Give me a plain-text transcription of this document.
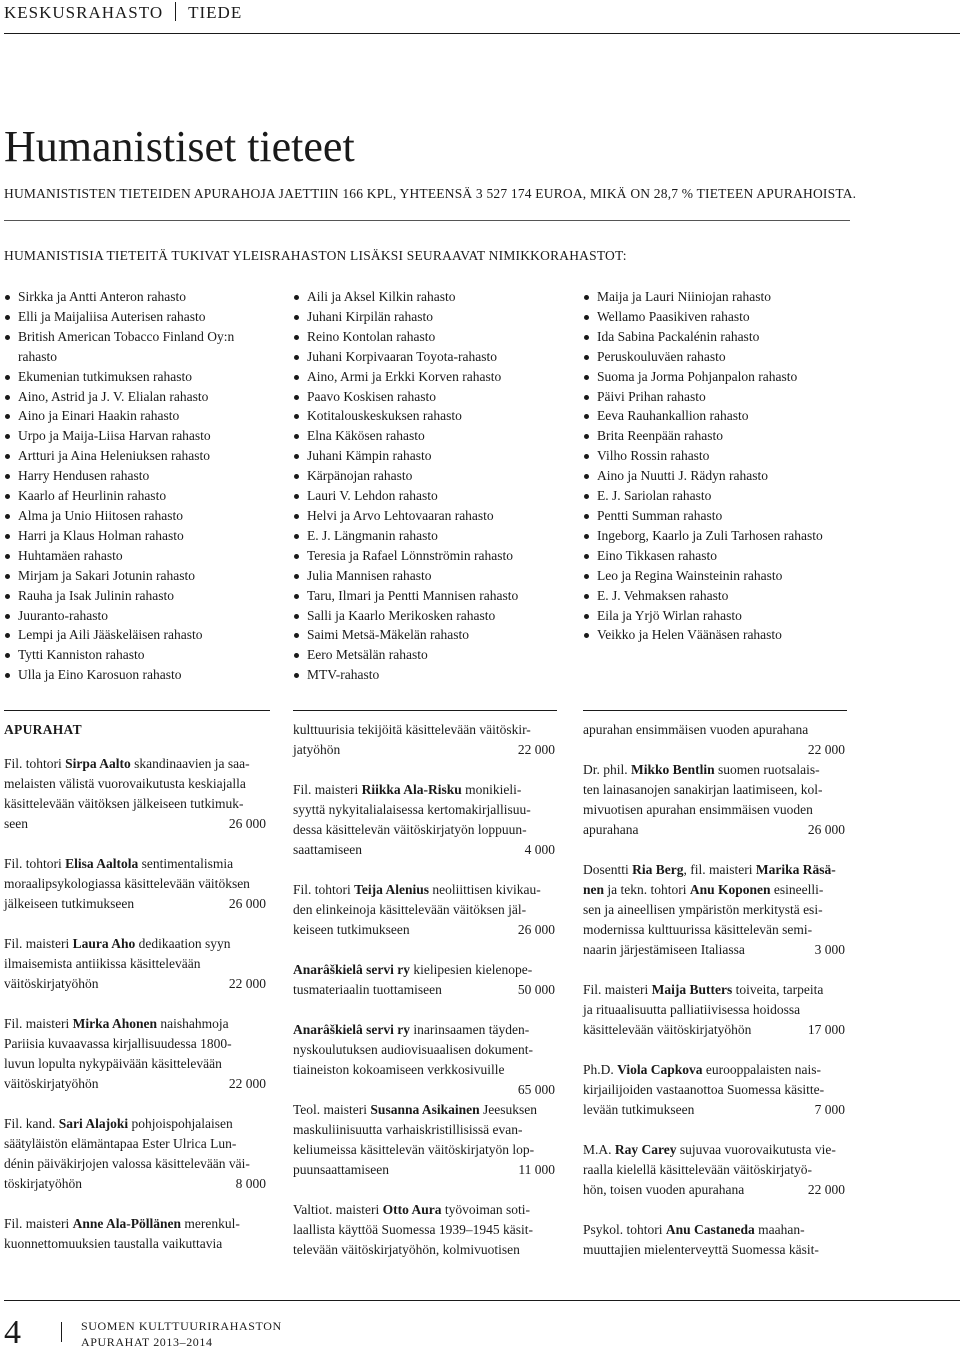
KESKUSRAHASTO TIEDE
Humanistiset tieteet
HUMANISTISTEN TIETEIDEN APURAHOJA JAETTIIN 166 KPL, YHTEENSÄ 3 527 174 EUROA, MIKÄ ON 28,7 % TIETEEN APURAHOISTA.
HUMANISTISIA TIETEITÄ TUKIVAT YLEISRAHASTON LISÄKSI SEURAAVAT NIMIKKORAHASTOT:
Sirkka ja Antti Anteron rahasto
Elli ja Maijaliisa Auterisen rahasto
British American Tobacco Finland Oy:n
rahasto
Ekumenian tutkimuksen rahasto
Aino, Astrid ja J. V. Elialan rahasto
Aino ja Einari Haakin rahasto
Urpo ja Maija-Liisa Harvan rahasto
Artturi ja Aina Heleniuksen rahasto
Harry Hendusen rahasto
Kaarlo af Heurlinin rahasto
Alma ja Unio Hiitosen rahasto
Harri ja Klaus Holman rahasto
Huhtamäen rahasto
Mirjam ja Sakari Jotunin rahasto
Rauha ja Isak Julinin rahasto
Juuranto-rahasto
Lempi ja Aili Jääskeläisen rahasto
Tytti Kanniston rahasto
Ulla ja Eino Karosuon rahasto
Aili ja Aksel Kilkin rahasto
Juhani Kirpilän rahasto
Reino Kontolan rahasto
Juhani Korpivaaran Toyota-rahasto
Aino, Armi ja Erkki Korven rahasto
Paavo Koskisen rahasto
Kotitalouskeskuksen rahasto
Elna Käkösen rahasto
Juhani Kämpin rahasto
Kärpänojan rahasto
Lauri V. Lehdon rahasto
Helvi ja Arvo Lehtovaaran rahasto
E. J. Längmanin rahasto
Teresia ja Rafael Lönnströmin rahasto
Julia Mannisen rahasto
Taru, Ilmari ja Pentti Mannisen rahasto
Salli ja Kaarlo Merikosken rahasto
Saimi Metsä-Mäkelän rahasto
Eero Metsälän rahasto
MTV-rahasto
Maija ja Lauri Niiniojan rahasto
Wellamo Paasikiven rahasto
Ida Sabina Packalénin rahasto
Peruskouluväen rahasto
Suoma ja Jorma Pohjanpalon rahasto
Päivi Prihan rahasto
Eeva Rauhankallion rahasto
Brita Reenpään rahasto
Vilho Rossin rahasto
Aino ja Nuutti J. Rädyn rahasto
E. J. Sariolan rahasto
Pentti Summan rahasto
Ingeborg, Kaarlo ja Zuli Tarhosen rahasto
Eino Tikkasen rahasto
Leo ja Regina Wainsteinin rahasto
E. J. Vehmaksen rahasto
Eila ja Yrjö Wirlan rahasto
Veikko ja Helen Väänäsen rahasto
APURAHAT
Fil. tohtori Sirpa Aalto skandinaavien ja saa-
melaisten välistä vuorovaikutusta keskiajalla
käsittelevään väitöksen jälkeiseen tutkimuk-
seen	26 000
Fil. tohtori Elisa Aaltola sentimentalismia
moraalipsykologiassa käsittelevään väitöksen
jälkeiseen tutkimukseen	26 000
Fil. maisteri Laura Aho dedikaation syyn
ilmaisemista antiikissa käsittelevään
väitöskirjatyöhön	22 000
Fil. maisteri Mirka Ahonen naishahmoja
Pariisia kuvaavassa kirjallisuudessa 1800-
luvun lopulta nykypäivään käsittelevään
väitöskirjatyöhön	22 000
Fil. kand. Sari Alajoki pohjoispohjalaisen
säätyläistön elämäntapaa Ester Ulrica Lun-
dénin päiväkirjojen valossa käsittelevään väi-
töskirjatyöhön	8 000
Fil. maisteri Anne Ala-Pöllänen merenkul-
kuonnettomuuksien taustalla vaikuttavia
kulttuurisia tekijöitä käsittelevään väitöskir-
jatyöhön	22 000
Fil. maisteri Riikka Ala-Risku monikieli-
syyttä nykyitalialaisessa kertomakirjallisuu-
dessa käsittelevän väitöskirjatyön loppuun-
saattamiseen	4 000
Fil. tohtori Teija Alenius neoliittisen kivikau-
den elinkeinoja käsittelevään väitöksen jäl-
keiseen tutkimukseen	26 000
Anarâškielâ servi ry kielipesien kielenope-
tusmateriaalin tuottamiseen	50 000
Anarâškielâ servi ry inarinsaamen täyden-
nyskoulutuksen audiovisuaalisen dokument-
tiaineiston kokoamiseen verkkosivuille
65 000
Teol. maisteri Susanna Asikainen Jeesuksen
maskuliinisuutta varhaiskristillisissä evan-
keliumeissa käsittelevän väitöskirjatyön lop-
puunsaattamiseen	11 000
Valtiot. maisteri Otto Aura työvoiman soti-
laallista käyttöä Suomessa 1939–1945 käsit-
televään väitöskirjatyöhön, kolmivuotisen
apurahan ensimmäisen vuoden apurahana
22 000
Dr. phil. Mikko Bentlin suomen ruotsalais-
ten lainasanojen sanakirjan laatimiseen, kol-
mivuotisen apurahan ensimmäisen vuoden
apurahana	26 000
Dosentti Ria Berg, fil. maisteri Marika Räsä-
nen ja tekn. tohtori Anu Koponen esineelli-
sen ja aineellisen ympäristön merkitystä esi-
modernissa kulttuurissa käsittelevän semi-
naarin järjestämiseen Italiassa	3 000
Fil. maisteri Maija Butters toiveita, tarpeita
ja rituaalisuutta palliatiivisessa hoidossa
käsittelevään väitöskirjatyöhön	17 000
Ph.D. Viola Capkova eurooppalaisten nais-
kirjailijoiden vastaanottoa Suomessa käsitte-
levään tutkimukseen	7 000
M.A. Ray Carey sujuvaa vuorovaikutusta vie-
raalla kielellä käsittelevään väitöskirjatyö-
hön, toisen vuoden apurahana	22 000
Psykol. tohtori Anu Castaneda maahan-
muuttajien mielenterveyttä Suomessa käsit-
4	SUOMEN KULTTUURIRAHASTON
APURAHAT 2013–2014
